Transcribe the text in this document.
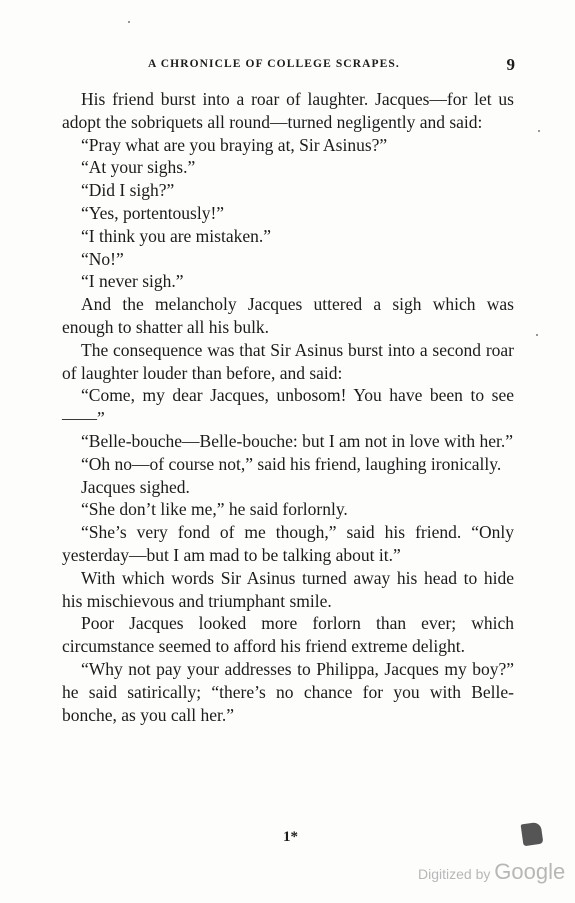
A CHRONICLE OF COLLEGE SCRAPES.	9

His friend burst into a roar of laughter. Jacques—for let us adopt the sobriquets all round—turned negligently and said:

“Pray what are you braying at, Sir Asinus?”

“At your sighs.”

“Did I sigh?”

“Yes, portentously!”

“I think you are mistaken.”

“No!”

“I never sigh.”

And the melancholy Jacques uttered a sigh which was enough to shatter all his bulk.

The consequence was that Sir Asinus burst into a second roar of laughter louder than before, and said:

“Come, my dear Jacques, unbosom! You have been to see——”

“Belle-bouche—Belle-bouche: but I am not in love with her.”

“Oh no—of course not,” said his friend, laughing ironically.

Jacques sighed.

“She don’t like me,” he said forlornly.

“She’s very fond of me though,” said his friend. “Only yesterday—but I am mad to be talking about it.”

With which words Sir Asinus turned away his head to hide his mischievous and triumphant smile.

Poor Jacques looked more forlorn than ever; which circumstance seemed to afford his friend extreme delight.

“Why not pay your addresses to Philippa, Jacques my boy?” he said satirically; “there’s no chance for you with Belle-bonche, as you call her.”

1*
Digitized by Google
